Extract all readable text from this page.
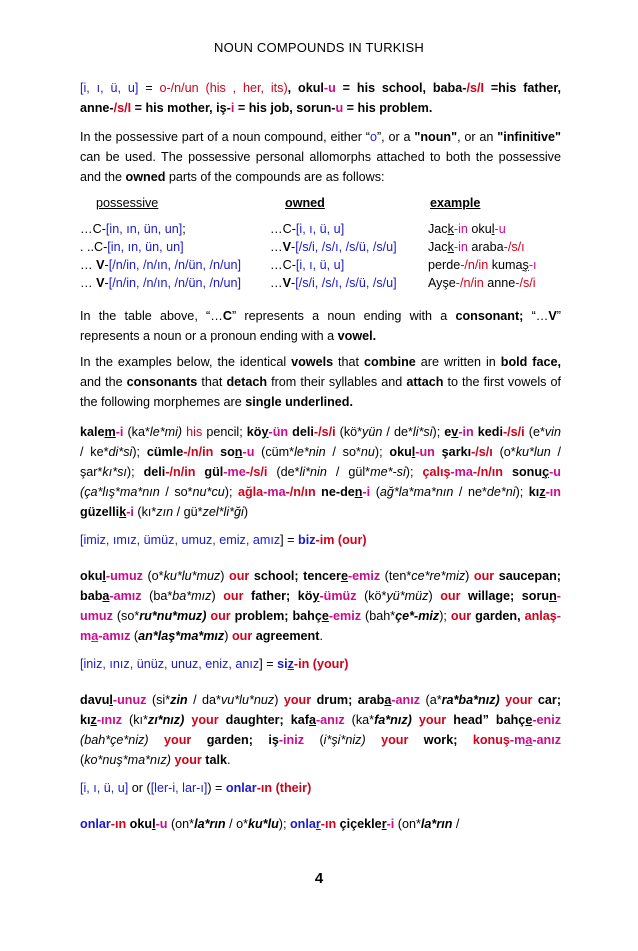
NOUN COMPOUNDS IN TURKISH
[i, ı, ü, u] = o-/n/un (his , her, its), okul-u = his school, baba-/s/I =his father, anne-/s/I = his mother, iş-i = his job, sorun-u = his problem.
In the possessive part of a noun compound, either “o”, or a "noun", or an "infinitive" can be used. The possessive personal allomorphs attached to both the possessive and the owned parts of the compounds are as follows:
possessive	owned	example
…C-[in, ın, ün, un];	…C-[i, ı, ü, u]	Jack-in okul-u
. ..C-[in, ın, ün, un]	…V-[/s/i, /s/ı, /s/ü, /s/u] Jack-in araba-/s/ı
… V-[/n/in, /n/ın, /n/ün, /n/un] …C-[i, ı, ü, u]	perde-/n/in kumaş-ı
… V-[/n/in, /n/ın, /n/ün, /n/un] …V-[/s/i, /s/ı, /s/ü, /s/u] Ayşe-/n/in anne-/s/i
In the table above, “…C” represents a noun ending with a consonant; “…V” represents a noun or a pronoun ending with a vowel.
In the examples below, the identical vowels that combine are written in bold face, and the consonants that detach from their syllables and attach to the first vowels of the following morphemes are single underlined.
kalem-i (ka*le*mi) his pencil; köy-ün deli-/s/i (kö*yün / de*li*si); ev-in kedi-/s/i (e*vin / ke*di*si); cümle-/n/in son-u (cüm*le*nin / so*nu); okul-un şarkı-/s/ı (o*ku*lun / şar*kı*sı); deli-/n/in gül-me-/s/i (de*li*nin / gül*me*-si); çalış-ma-/n/ın sonuç-u (ça*lış*ma*nın / so*nu*cu); ağla-ma-/n/ın ne-den-i (ağ*la*ma*nın / ne*de*ni); kız-ın güzellik-i (kı*zın / gü*zel*li*ği)
[imiz, ımız, ümüz, umuz, emiz, amız] = biz-im (our)
okul-umuz (o*ku*lu*muz) our school; tencere-emiz (ten*ce*re*miz) our saucepan; baba-amız (ba*ba*mız) our father; köy-ümüz (kö*yü*müz) our willage; sorun-umuz (so*ru*nu*muz) our problem; bahçe-emiz (bah*çe*-miz); our garden, anlaş-ma-amız (an*laş*ma*mız) our agreement.
[iniz, ınız, ünüz, unuz, eniz, anız] = siz-in (your)
davul-unuz (si*zin / da*vu*lu*nuz) your drum; araba-anız (a*ra*ba*nız) your car; kız-ınız (kı*zı*nız) your daughter; kafa-anız (ka*fa*nız) your head” bahçe-eniz (bah*çe*niz) your garden; iş-iniz (i*şi*niz) your work; konuş-ma-anız (ko*nuş*ma*nız) your talk.
[i, ı, ü, u] or ([ler-i, lar-ı]) = onlar-ın (their)
onlar-ın okul-u (on*la*rın / o*ku*lu); onlar-ın çiçekler-i (on*la*rın /
4
